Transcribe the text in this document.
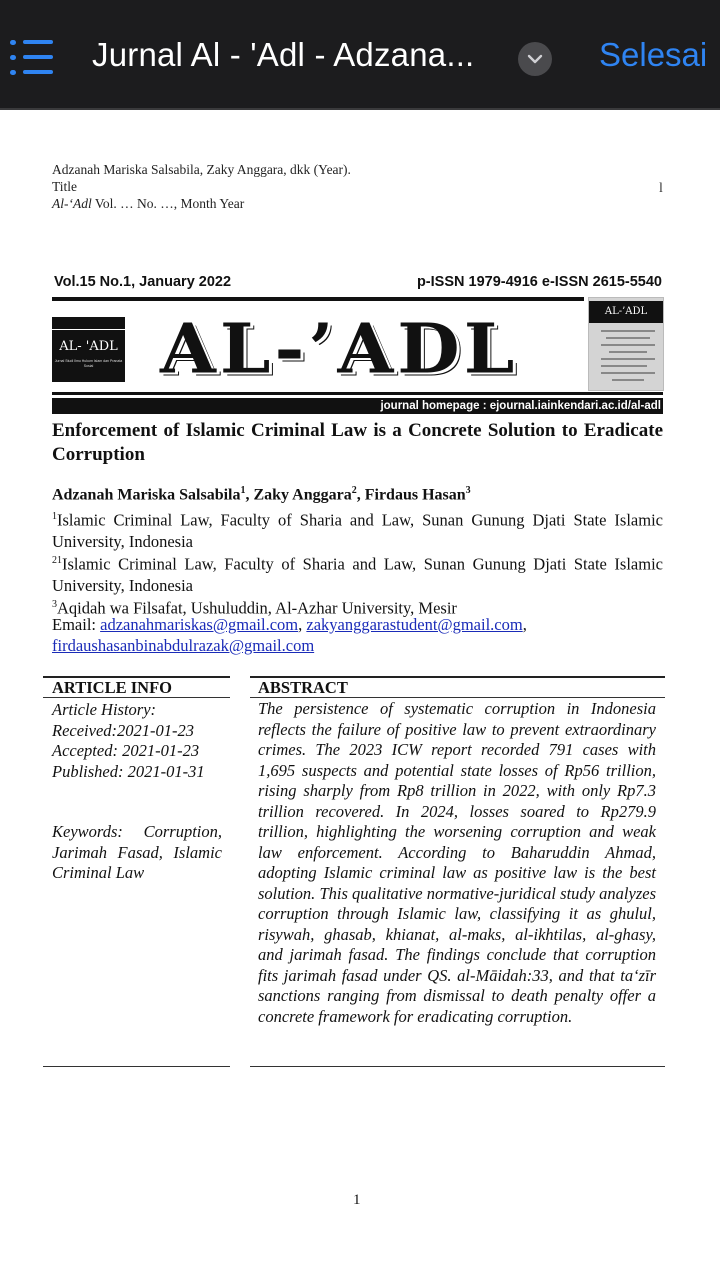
Jurnal Al - 'Adl - Adzana...	Selesai
Adzanah Mariska Salsabila, Zaky Anggara, dkk (Year).
Title
Al-‘Adl Vol. … No. …, Month Year
l
Vol.15 No.1, January 2022	p-ISSN 1979-4916 e-ISSN 2615-5540
AL- 'ADL
Jurnal Studi Ilmu Hukum Islam dan Pranata Sosial AL-’ADL	AL-’ADL
journal homepage : ejournal.iainkendari.ac.id/al-adl
Enforcement of Islamic Criminal Law is a Concrete Solution to Eradicate Corruption
Adzanah Mariska Salsabila$^1$, Zaky Anggara$^2$, Firdaus Hasan$^3$
$^1$Islamic Criminal Law, Faculty of Sharia and Law, Sunan Gunung Djati State Islamic University, Indonesia
$^{21}$Islamic Criminal Law, Faculty of Sharia and Law, Sunan Gunung Djati State Islamic University, Indonesia
$^3$Aqidah wa Filsafat, Ushuluddin, Al-Azhar University, Mesir
Email: adzanahmariskas@gmail.com, zakyanggarastudent@gmail.com,
firdaushasanbinabdulrazak@gmail.com
ARTICLE INFO
Article History:
Received:2021-01-23
Accepted: 2021-01-23
Published: 2021-01-31
Keywords: Corruption, Jarimah Fasad, Islamic Criminal Law
ABSTRACT
The persistence of systematic corruption in Indonesia reflects the failure of positive law to prevent extraordinary crimes. The 2023 ICW report recorded 791 cases with 1,695 suspects and potential state losses of Rp56 trillion, rising sharply from Rp8 trillion in 2022, with only Rp7.3 trillion recovered. In 2024, losses soared to Rp279.9 trillion, highlighting the worsening corruption and weak law enforcement. According to Baharuddin Ahmad, adopting Islamic criminal law as positive law is the best solution. This qualitative normative-juridical study analyzes corruption through Islamic law, classifying it as ghulul, risywah, ghasab, khianat, al-maks, al-ikhtilas, al-ghasy, and jarimah fasad. The findings conclude that corruption fits jarimah fasad under QS. al-Māidah:33, and that ta‘zīr sanctions ranging from dismissal to death penalty offer a concrete framework for eradicating corruption.
1
